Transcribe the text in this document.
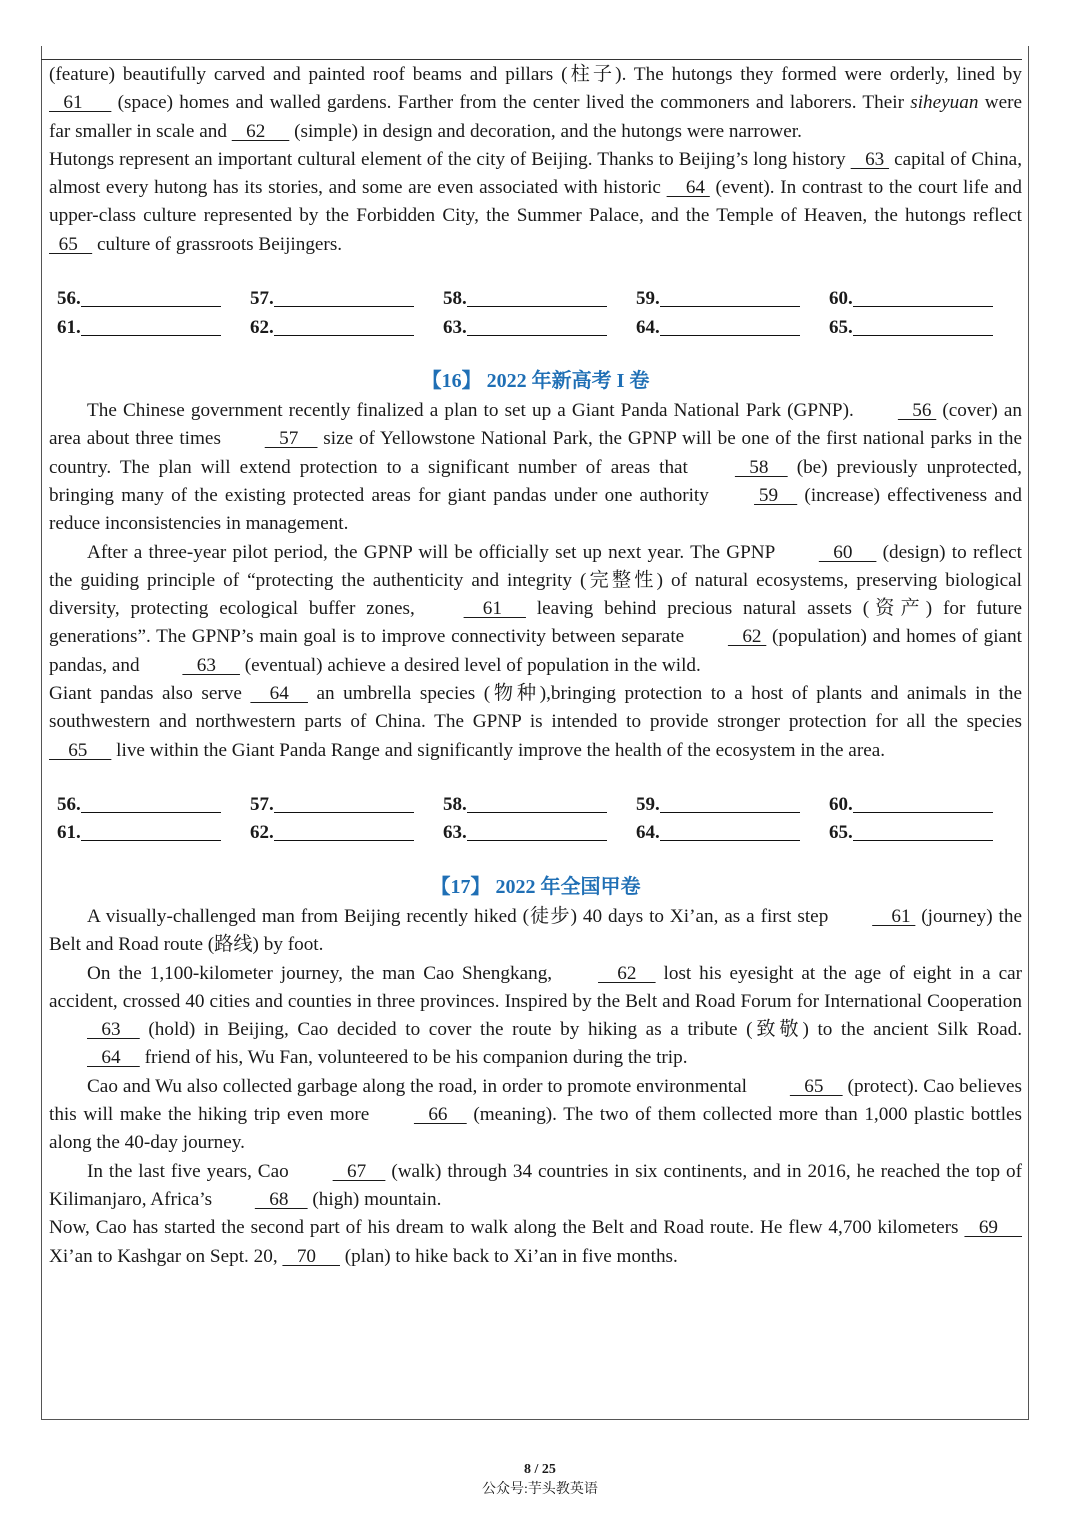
(feature) beautifully carved and painted roof beams and pillars (柱子). The hutongs they formed were orderly, lined by    61       (space) homes and walled gardens. Farther from the center lived the commoners and laborers. Their siheyuan were far smaller in scale and    62      (simple) in design and decoration, and the hutongs were narrower.

Hutongs represent an important cultural element of the city of Beijing. Thanks to Beijing’s long history    63  capital of China, almost every hutong has its stories, and some are even associated with historic     64  (event). In contrast to the court life and upper-class culture represented by the Forbidden City, the Summer Palace, and the Temple of Heaven, the hutongs reflect   65    culture of grassroots Beijingers.

56.	57.	58.	59.	60.
61.	62.	63.	64.	65.
【16】 2022 年新高考 I 卷

The Chinese government recently finalized a plan to set up a Giant Panda National Park (GPNP).    56  (cover) an area about three times    57     size of Yellowstone National Park, the GPNP will be one of the first national parks in the country. The plan will extend protection to a significant number of areas that    58     (be) previously unprotected, bringing many of the existing protected areas for giant pandas under one authority  59     (increase) effectiveness and reduce inconsistencies in management.

After a three-year pilot period, the GPNP will be officially set up next year. The GPNP    60      (design) to reflect the guiding principle of “protecting the authenticity and integrity (完整性) of natural ecosystems, preserving biological diversity, protecting ecological buffer zones,     61      leaving behind precious natural assets (资产) for future generations”. The GPNP’s main goal is to improve connectivity between separate    62  (population) and homes of giant pandas, and    63      (eventual) achieve a desired level of population in the wild.

Giant pandas also serve     64     an umbrella species (物种),bringing protection to a host of plants and animals in the southwestern and northwestern parts of China. The GPNP is intended to provide stronger protection for all the species     65      live within the Giant Panda Range and significantly improve the health of the ecosystem in the area.

56.	57.	58.	59.	60.
61.	62.	63.	64.	65.
【17】 2022 年全国甲卷

A visually-challenged man from Beijing recently hiked (徒步) 40 days to Xi’an, as a first step     61  (journey) the Belt and Road route (路线) by foot.

On the 1,100-kilometer journey, the man Cao Shengkang,     62     lost his eyesight at the age of eight in a car accident, crossed 40 cities and counties in three provinces. Inspired by the Belt and Road Forum for International Cooperation    63     (hold) in Beijing, Cao decided to cover the route by hiking as a tribute (致敬) to the ancient Silk Road.    64     friend of his, Wu Fan, volunteered to be his companion during the trip.

Cao and Wu also collected garbage along the road, in order to promote environmental    65     (protect). Cao believes this will make the hiking trip even more    66     (meaning). The two of them collected more than 1,000 plastic bottles along the 40-day journey.

In the last five years, Cao    67     (walk) through 34 countries in six continents, and in 2016, he reached the top of Kilimanjaro, Africa’s    68     (high) mountain.

Now, Cao has started the second part of his dream to walk along the Belt and Road route. He flew 4,700 kilometers    69      Xi’an to Kashgar on Sept. 20,    70      (plan) to hike back to Xi’an in five months.

8 / 25
公众号:芋头教英语
